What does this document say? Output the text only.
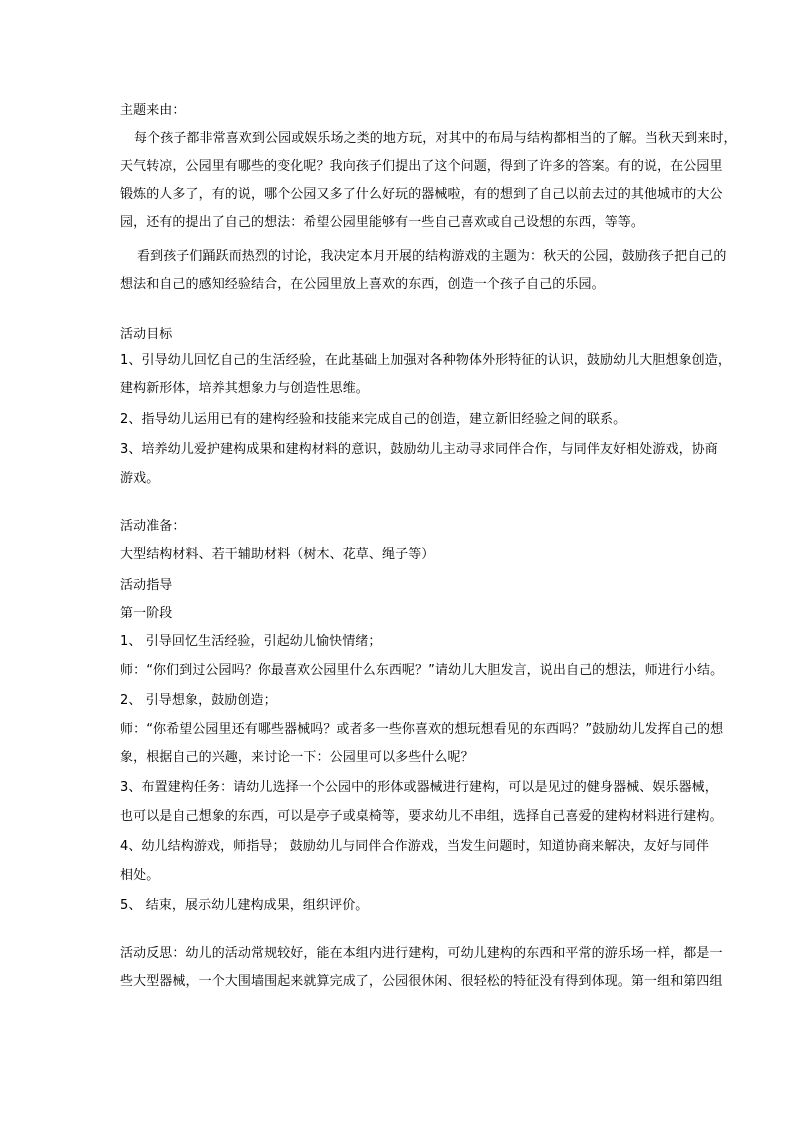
主题来由：
每个孩子都非常喜欢到公园或娱乐场之类的地方玩，对其中的布局与结构都相当的了解。当秋天到来时，
天气转凉，公园里有哪些的变化呢？我向孩子们提出了这个问题，得到了许多的答案。有的说，在公园里
锻炼的人多了，有的说，哪个公园又多了什么好玩的器械啦，有的想到了自己以前去过的其他城市的大公
园，还有的提出了自己的想法：希望公园里能够有一些自己喜欢或自己设想的东西，等等。
看到孩子们踊跃而热烈的讨论，我决定本月开展的结构游戏的主题为：秋天的公园，鼓励孩子把自己的
想法和自己的感知经验结合，在公园里放上喜欢的东西，创造一个孩子自己的乐园。
活动目标
1、引导幼儿回忆自己的生活经验，在此基础上加强对各种物体外形特征的认识，鼓励幼儿大胆想象创造，
建构新形体，培养其想象力与创造性思维。
2、指导幼儿运用已有的建构经验和技能来完成自己的创造，建立新旧经验之间的联系。
3、培养幼儿爱护建构成果和建构材料的意识，鼓励幼儿主动寻求同伴合作，与同伴友好相处游戏，协商
游戏。
活动准备：
大型结构材料、若干辅助材料（树木、花草、绳子等）
活动指导
第一阶段
1、 引导回忆生活经验，引起幼儿愉快情绪；
师：“你们到过公园吗？你最喜欢公园里什么东西呢？”请幼儿大胆发言，说出自己的想法，师进行小结。
2、 引导想象，鼓励创造；
师：“你希望公园里还有哪些器械吗？或者多一些你喜欢的想玩想看见的东西吗？”鼓励幼儿发挥自己的想
象，根据自己的兴趣，来讨论一下：公园里可以多些什么呢？
3、布置建构任务：请幼儿选择一个公园中的形体或器械进行建构，可以是见过的健身器械、娱乐器械，
也可以是自己想象的东西，可以是亭子或桌椅等，要求幼儿不串组，选择自己喜爱的建构材料进行建构。
4、幼儿结构游戏，师指导； 鼓励幼儿与同伴合作游戏，当发生问题时，知道协商来解决，友好与同伴
相处。
5、 结束，展示幼儿建构成果，组织评价。
活动反思：幼儿的活动常规较好，能在本组内进行建构，可幼儿建构的东西和平常的游乐场一样，都是一
些大型器械，一个大围墙围起来就算完成了，公园很休闲、很轻松的特征没有得到体现。第一组和第四组
